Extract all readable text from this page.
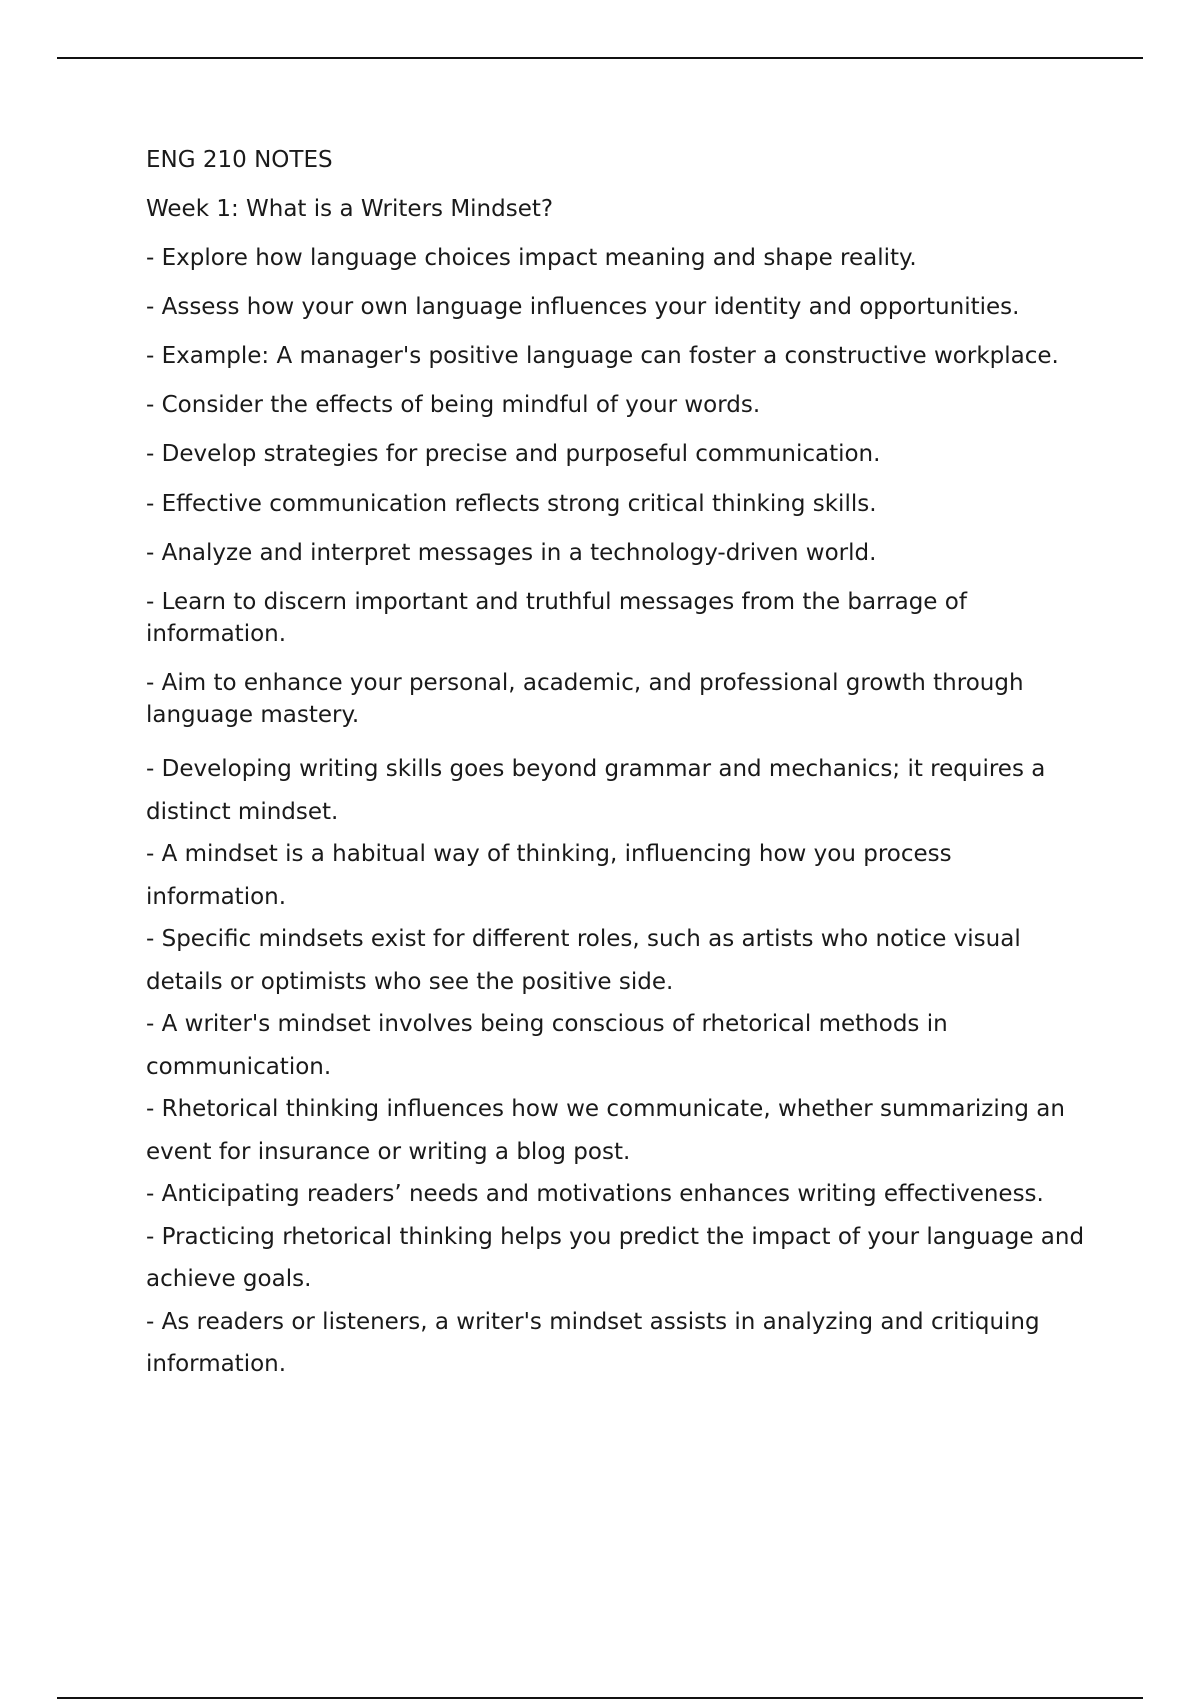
ENG 210 NOTES

Week 1: What is a Writers Mindset?

- Explore how language choices impact meaning and shape reality.

- Assess how your own language influences your identity and opportunities.

- Example: A manager's positive language can foster a constructive workplace.

- Consider the effects of being mindful of your words.

- Develop strategies for precise and purposeful communication.

- Effective communication reflects strong critical thinking skills.

- Analyze and interpret messages in a technology-driven world.

- Learn to discern important and truthful messages from the barrage of information.

- Aim to enhance your personal, academic, and professional growth through language mastery.

- Developing writing skills goes beyond grammar and mechanics; it requires a distinct mindset.

- A mindset is a habitual way of thinking, influencing how you process information.

- Specific mindsets exist for different roles, such as artists who notice visual details or optimists who see the positive side.

- A writer's mindset involves being conscious of rhetorical methods in communication.

- Rhetorical thinking influences how we communicate, whether summarizing an event for insurance or writing a blog post.

- Anticipating readers’ needs and motivations enhances writing effectiveness.

- Practicing rhetorical thinking helps you predict the impact of your language and achieve goals.

- As readers or listeners, a writer's mindset assists in analyzing and critiquing information.
